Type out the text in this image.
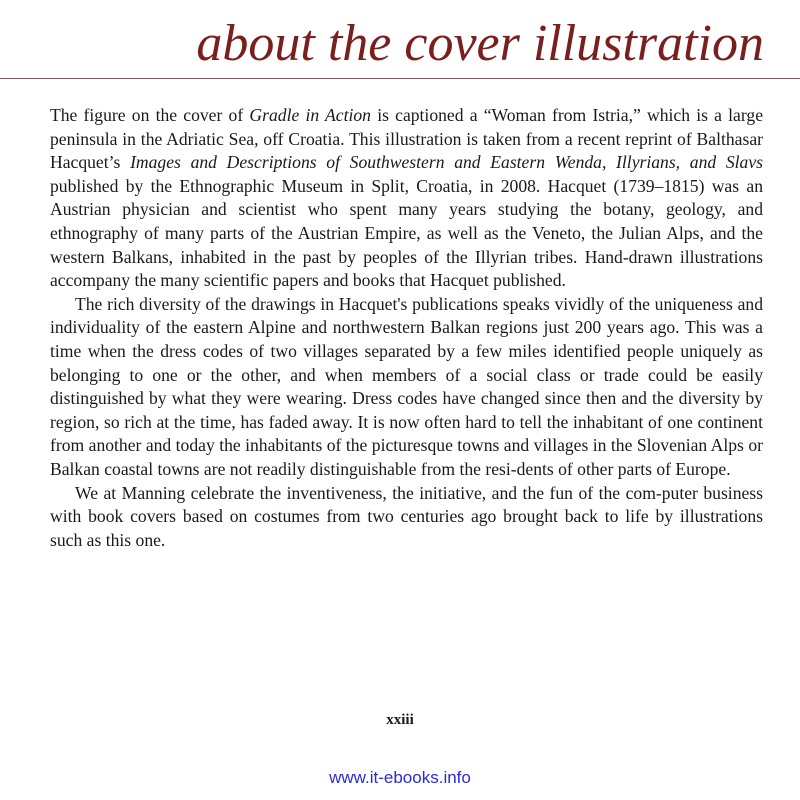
about the cover illustration

The figure on the cover of Gradle in Action is captioned a “Woman from Istria,” which is a large peninsula in the Adriatic Sea, off Croatia. This illustration is taken from a recent reprint of Balthasar Hacquet’s Images and Descriptions of Southwestern and Eastern Wenda, Illyrians, and Slavs published by the Ethnographic Museum in Split, Croatia, in 2008. Hacquet (1739–1815) was an Austrian physician and scientist who spent many years studying the botany, geology, and ethnography of many parts of the Austrian Empire, as well as the Veneto, the Julian Alps, and the western Balkans, inhabited in the past by peoples of the Illyrian tribes. Hand-drawn illustrations accompany the many scientific papers and books that Hacquet published.

The rich diversity of the drawings in Hacquet's publications speaks vividly of the uniqueness and individuality of the eastern Alpine and northwestern Balkan regions just 200 years ago. This was a time when the dress codes of two villages separated by a few miles identified people uniquely as belonging to one or the other, and when members of a social class or trade could be easily distinguished by what they were wearing. Dress codes have changed since then and the diversity by region, so rich at the time, has faded away. It is now often hard to tell the inhabitant of one continent from another and today the inhabitants of the picturesque towns and villages in the Slovenian Alps or Balkan coastal towns are not readily distinguishable from the resi-dents of other parts of Europe.

We at Manning celebrate the inventiveness, the initiative, and the fun of the com-puter business with book covers based on costumes from two centuries ago brought back to life by illustrations such as this one.

xxiii
www.it-ebooks.info
